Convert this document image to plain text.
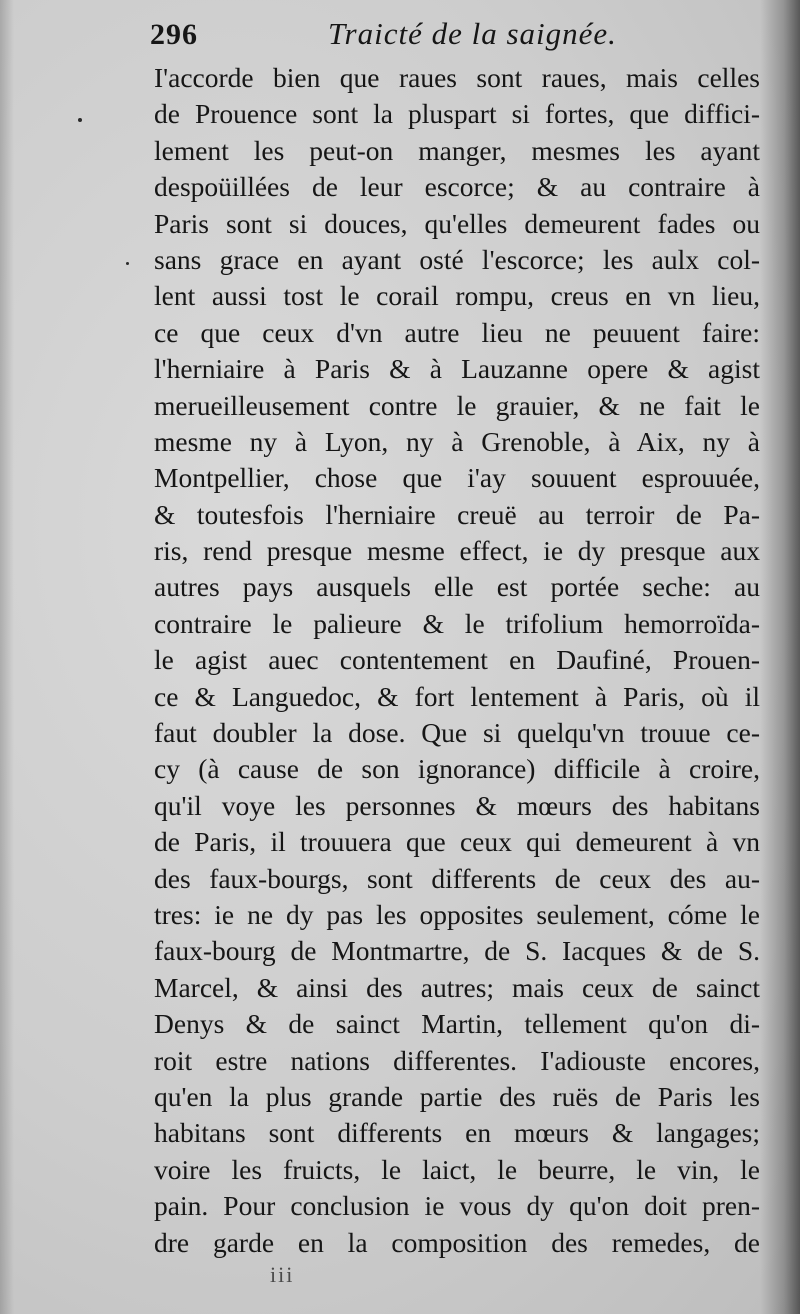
296	Traicté de la saignée.
I'accorde bien que raues sont raues, mais celles
de Prouence sont la pluspart si fortes, que diffici-
lement les peut-on manger, mesmes les ayant
despoüillées de leur escorce; & au contraire à
Paris sont si douces, qu'elles demeurent fades ou
sans grace en ayant osté l'escorce; les aulx col-
lent aussi tost le corail rompu, creus en vn lieu,
ce que ceux d'vn autre lieu ne peuuent faire:
l'herniaire à Paris & à Lauzanne opere & agist
merueilleusement contre le grauier, & ne fait le
mesme ny à Lyon, ny à Grenoble, à Aix, ny à
Montpellier, chose que i'ay souuent esprouuée,
& toutesfois l'herniaire creuë au terroir de Pa-
ris, rend presque mesme effect, ie dy presque aux
autres pays ausquels elle est portée seche: au
contraire le palieure & le trifolium hemorroïda-
le agist auec contentement en Daufiné, Prouen-
ce & Languedoc, & fort lentement à Paris, où il
faut doubler la dose. Que si quelqu'vn trouue ce-
cy (à cause de son ignorance) difficile à croire,
qu'il voye les personnes & mœurs des habitans
de Paris, il trouuera que ceux qui demeurent à vn
des faux-bourgs, sont differents de ceux des au-
tres: ie ne dy pas les opposites seulement, cóme le
faux-bourg de Montmartre, de S. Iacques & de S.
Marcel, & ainsi des autres; mais ceux de sainct
Denys & de sainct Martin, tellement qu'on di-
roit estre nations differentes. I'adiouste encores,
qu'en la plus grande partie des ruës de Paris les
habitans sont differents en mœurs & langages;
voire les fruicts, le laict, le beurre, le vin, le
pain. Pour conclusion ie vous dy qu'on doit pren-
dre garde en la composition des remedes, de
iii
